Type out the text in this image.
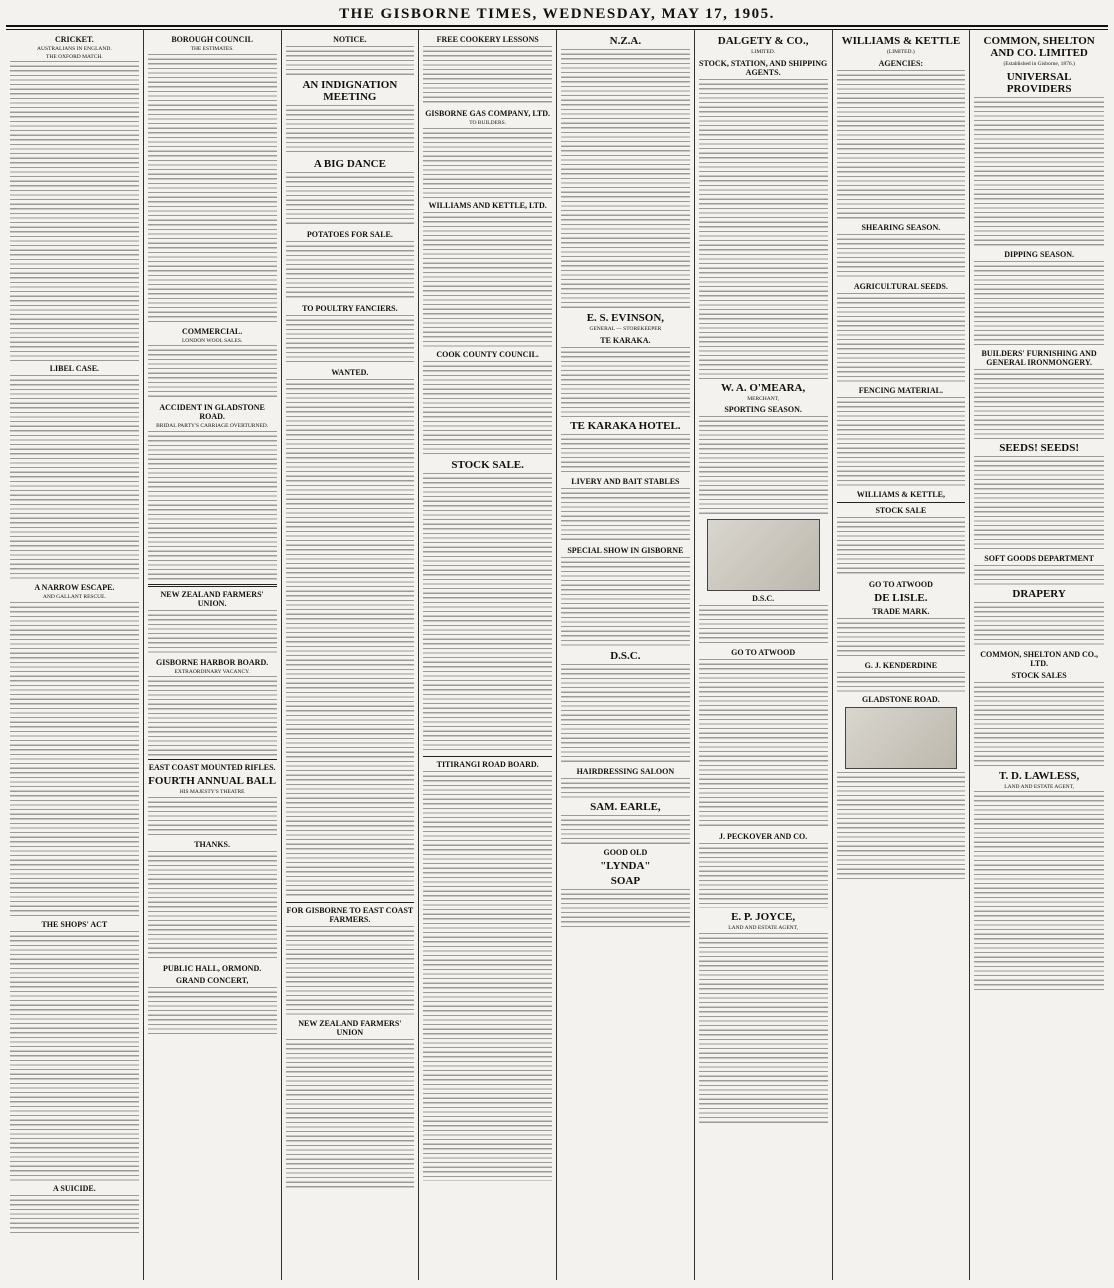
THE GISBORNE TIMES, WEDNESDAY, MAY 17, 1905.
CRICKET.
AUSTRALIANS IN ENGLAND.
THE OXFORD MATCH.
LIBEL CASE.
A NARROW ESCAPE.
AND GALLANT RESCUE.
THE SHOPS' ACT
A SUICIDE.
BOROUGH COUNCIL
THE ESTIMATES.
COMMERCIAL.
LONDON WOOL SALES.
ACCIDENT IN GLADSTONE ROAD.
BRIDAL PARTY'S CARRIAGE OVERTURNED.
NEW ZEALAND FARMERS' UNION.
GISBORNE HARBOR BOARD.
EXTRAORDINARY VACANCY.
EAST COAST MOUNTED RIFLES.
FOURTH ANNUAL BALL
HIS MAJESTY'S THEATRE
THANKS.
PUBLIC HALL, ORMOND.
GRAND CONCERT,
NOTICE.
AN INDIGNATION MEETING
A BIG DANCE
POTATOES FOR SALE.
TO POULTRY FANCIERS.
WANTED.
FOR GISBORNE TO EAST COAST FARMERS.
NEW ZEALAND FARMERS' UNION
FREE COOKERY LESSONS
GISBORNE GAS COMPANY, LTD.
TO BUILDERS.
WILLIAMS AND KETTLE, LTD.
COOK COUNTY COUNCIL.
STOCK SALE.
TITIRANGI ROAD BOARD.
N.Z.A.
E. S. EVINSON,
GENERAL — STOREKEEPER
TE KARAKA.
TE KARAKA HOTEL.
LIVERY AND BAIT STABLES
SPECIAL SHOW IN GISBORNE
D.S.C.
HAIRDRESSING SALOON
SAM. EARLE,
GOOD OLD
"LYNDA"
SOAP
DALGETY & CO.,
LIMITED.
STOCK, STATION, AND SHIPPING AGENTS.
W. A. O'MEARA,
MERCHANT,
SPORTING SEASON.
D.S.C.
GO TO ATWOOD
J. PECKOVER AND CO.
E. P. JOYCE,
LAND AND ESTATE AGENT,
WILLIAMS & KETTLE
(LIMITED.)
AGENCIES:
SHEARING SEASON.
AGRICULTURAL SEEDS.
FENCING MATERIAL.
WILLIAMS & KETTLE,
STOCK SALE
GO TO ATWOOD
DE LISLE.
TRADE MARK.
G. J. KENDERDINE
GLADSTONE ROAD.
COMMON, SHELTON AND CO. LIMITED
(Established in Gisborne, 1876.)
UNIVERSAL PROVIDERS
DIPPING SEASON.
BUILDERS' FURNISHING AND GENERAL IRONMONGERY.
SEEDS! SEEDS!
SOFT GOODS DEPARTMENT
DRAPERY
COMMON, SHELTON AND CO., LTD.
STOCK SALES
T. D. LAWLESS,
LAND AND ESTATE AGENT,
